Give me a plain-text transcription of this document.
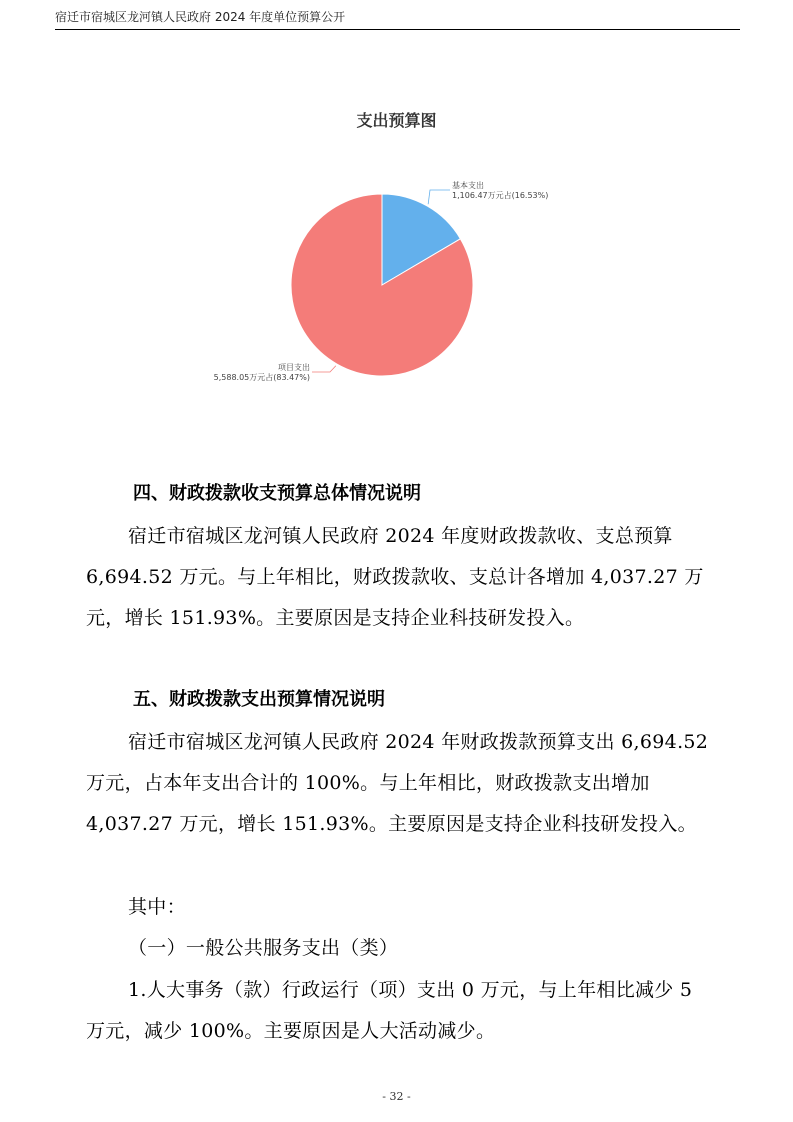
宿迁市宿城区龙河镇人民政府 2024 年度单位预算公开
支出预算图
基本支出
1,106.47万元占(16.53%)
项目支出
5,588.05万元占(83.47%)
四、财政拨款收支预算总体情况说明

宿迁市宿城区龙河镇人民政府 2024 年度财政拨款收、支总预算 6,694.52 万元。与上年相比，财政拨款收、支总计各增加 4,037.27 万元，增长 151.93%。主要原因是支持企业科技研发投入。

五、财政拨款支出预算情况说明

宿迁市宿城区龙河镇人民政府 2024 年财政拨款预算支出 6,694.52 万元，占本年支出合计的 100%。与上年相比，财政拨款支出增加 4,037.27 万元，增长 151.93%。主要原因是支持企业科技研发投入。

其中：

（一）一般公共服务支出（类）

1.人大事务（款）行政运行（项）支出 0 万元，与上年相比减少 5 万元，减少 100%。主要原因是人大活动减少。

- 32 -
